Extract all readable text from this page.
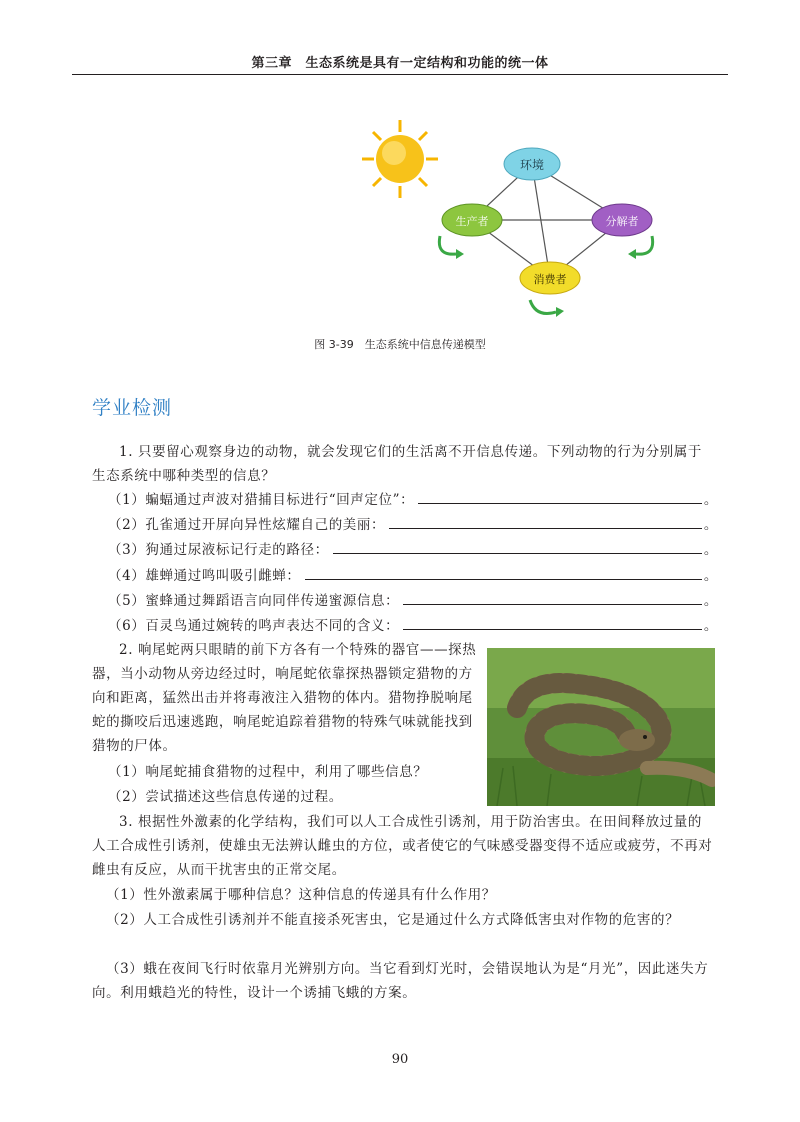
第三章　生态系统是具有一定结构和功能的统一体
环境
生产者	分解者
消费者
图 3-39　生态系统中信息传递模型
学业检测
1. 只要留心观察身边的动物，就会发现它们的生活离不开信息传递。下列动物的行为分别属于生态系统中哪种类型的信息？
（1）蝙蝠通过声波对猎捕目标进行“回声定位”：	。
（2）孔雀通过开屏向异性炫耀自己的美丽：	。
（3）狗通过尿液标记行走的路径：	。
（4）雄蝉通过鸣叫吸引雌蝉：	。
（5）蜜蜂通过舞蹈语言向同伴传递蜜源信息：	。
（6）百灵鸟通过婉转的鸣声表达不同的含义：	。
2. 响尾蛇两只眼睛的前下方各有一个特殊的器官——探热器，当小动物从旁边经过时，响尾蛇依靠探热器锁定猎物的方向和距离，猛然出击并将毒液注入猎物的体内。猎物挣脱响尾蛇的撕咬后迅速逃跑，响尾蛇追踪着猎物的特殊气味就能找到猎物的尸体。
（1）响尾蛇捕食猎物的过程中，利用了哪些信息？
（2）尝试描述这些信息传递的过程。
3. 根据性外激素的化学结构，我们可以人工合成性引诱剂，用于防治害虫。在田间释放过量的人工合成性引诱剂，使雄虫无法辨认雌虫的方位，或者使它的气味感受器变得不适应或疲劳，不再对雌虫有反应，从而干扰害虫的正常交尾。
（1）性外激素属于哪种信息？这种信息的传递具有什么作用？
（2）人工合成性引诱剂并不能直接杀死害虫，它是通过什么方式降低害虫对作物的危害的？
（3）蛾在夜间飞行时依靠月光辨别方向。当它看到灯光时，会错误地认为是“月光”，因此迷失方向。利用蛾趋光的特性，设计一个诱捕飞蛾的方案。
90
